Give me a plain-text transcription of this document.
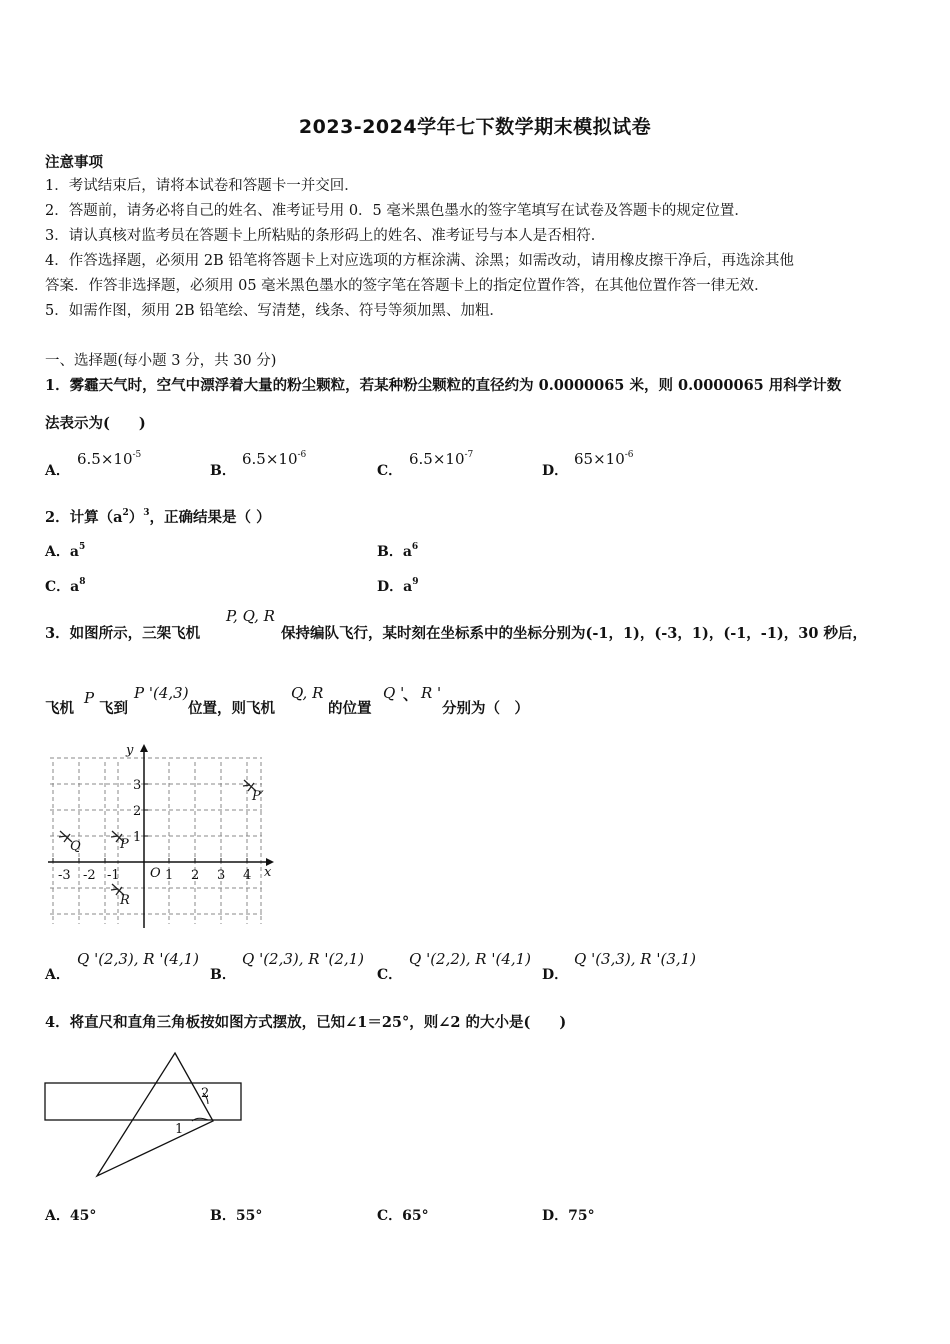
2023-2024学年七下数学期末模拟试卷
注意事项
1．考试结束后，请将本试卷和答题卡一并交回．
2．答题前，请务必将自己的姓名、准考证号用 0．5 毫米黑色墨水的签字笔填写在试卷及答题卡的规定位置．
3．请认真核对监考员在答题卡上所粘贴的条形码上的姓名、准考证号与本人是否相符．
4．作答选择题，必须用 2B 铅笔将答题卡上对应选项的方框涂满、涂黑；如需改动，请用橡皮擦干净后，再选涂其他
答案．作答非选择题，必须用 05 毫米黑色墨水的签字笔在答题卡上的指定位置作答，在其他位置作答一律无效．
5．如需作图，须用 2B 铅笔绘、写清楚，线条、符号等须加黑、加粗．
一、选择题(每小题 3 分，共 30 分)
1．雾霾天气时，空气中漂浮着大量的粉尘颗粒，若某种粉尘颗粒的直径约为 0.0000065 米，则 0.0000065 用科学计数
法表示为(　　)
A．
$6.5\times 10^{-5}$
B．
$6.5\times 10^{-6}$
C．
$6.5\times 10^{-7}$
D．
$65\times 10^{-6}$
2．计算$(a^2)^3$，正确结果是（ ）
A．$a^5$	B．$a^6$
C．$a^8$	D．$a^9$
3．如图所示，三架飞机
P, Q, R
保持编队飞行，某时刻在坐标系中的坐标分别为(-1，1)，(-3，1)，(-1，-1)，30 秒后，
飞机
P
飞到
P '(4,3)
位置，则飞机
Q, R
的位置
Q '
、 R '
分别为（　）
-3 -2 -1	1 2 3 4
1
2
3
O	x
y
Q	P
R
P′
A．
Q '(2,3), R '(4,1)
B．
Q '(2,3), R '(2,1)
C．
Q '(2,2), R '(4,1)
D．
Q '(3,3), R '(3,1)
4．将直尺和直角三角板按如图方式摆放，已知∠1＝25°，则∠2 的大小是(　　)
1
2
A．45°	B．55°	C．65°	D．75°
